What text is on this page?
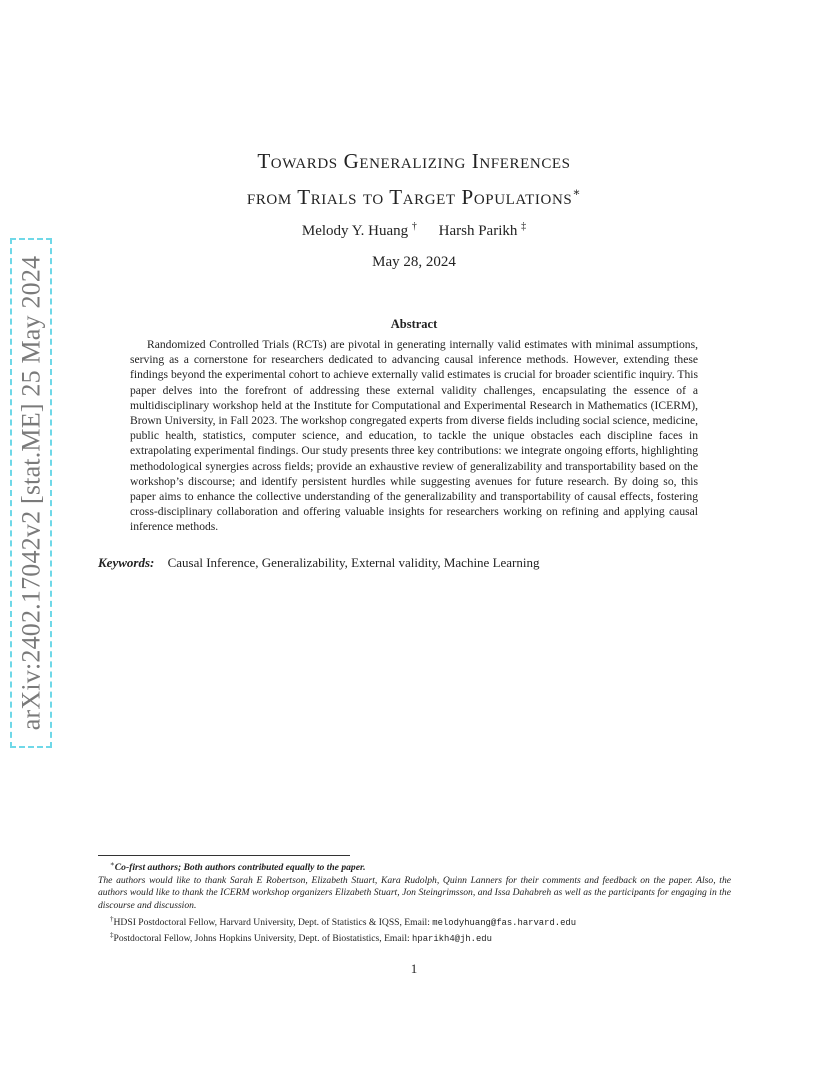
arXiv:2402.17042v2 [stat.ME] 25 May 2024
Towards Generalizing Inferences
from Trials to Target Populations∗
Melody Y. Huang † Harsh Parikh ‡
May 28, 2024
Abstract
Randomized Controlled Trials (RCTs) are pivotal in generating internally valid estimates with minimal assumptions, serving as a cornerstone for researchers dedicated to advancing causal inference methods. However, extending these findings beyond the experimental cohort to achieve externally valid estimates is crucial for broader scientific inquiry. This paper delves into the forefront of addressing these external validity challenges, encapsulating the essence of a multidisciplinary workshop held at the Institute for Computational and Experimental Research in Mathematics (ICERM), Brown University, in Fall 2023. The workshop congregated experts from diverse fields including social science, medicine, public health, statistics, computer science, and education, to tackle the unique obstacles each discipline faces in extrapolating experimental findings. Our study presents three key contributions: we integrate ongoing efforts, highlighting methodological synergies across fields; provide an exhaustive review of generalizability and transportability based on the workshop’s discourse; and identify persistent hurdles while suggesting avenues for future research. By doing so, this paper aims to enhance the collective understanding of the generalizability and transportability of causal effects, fostering cross-disciplinary collaboration and offering valuable insights for researchers working on refining and applying causal inference methods.
Keywords: Causal Inference, Generalizability, External validity, Machine Learning

∗Co-first authors; Both authors contributed equally to the paper.

The authors would like to thank Sarah E Robertson, Elizabeth Stuart, Kara Rudolph, Quinn Lanners for their comments and feedback on the paper. Also, the authors would like to thank the ICERM workshop organizers Elizabeth Stuart, Jon Steingrimsson, and Issa Dahabreh as well as the participants for engaging in the discourse and discussion.

†HDSI Postdoctoral Fellow, Harvard University, Dept. of Statistics & IQSS, Email: melodyhuang@fas.harvard.edu

‡Postdoctoral Fellow, Johns Hopkins University, Dept. of Biostatistics, Email: hparikh4@jh.edu

1
